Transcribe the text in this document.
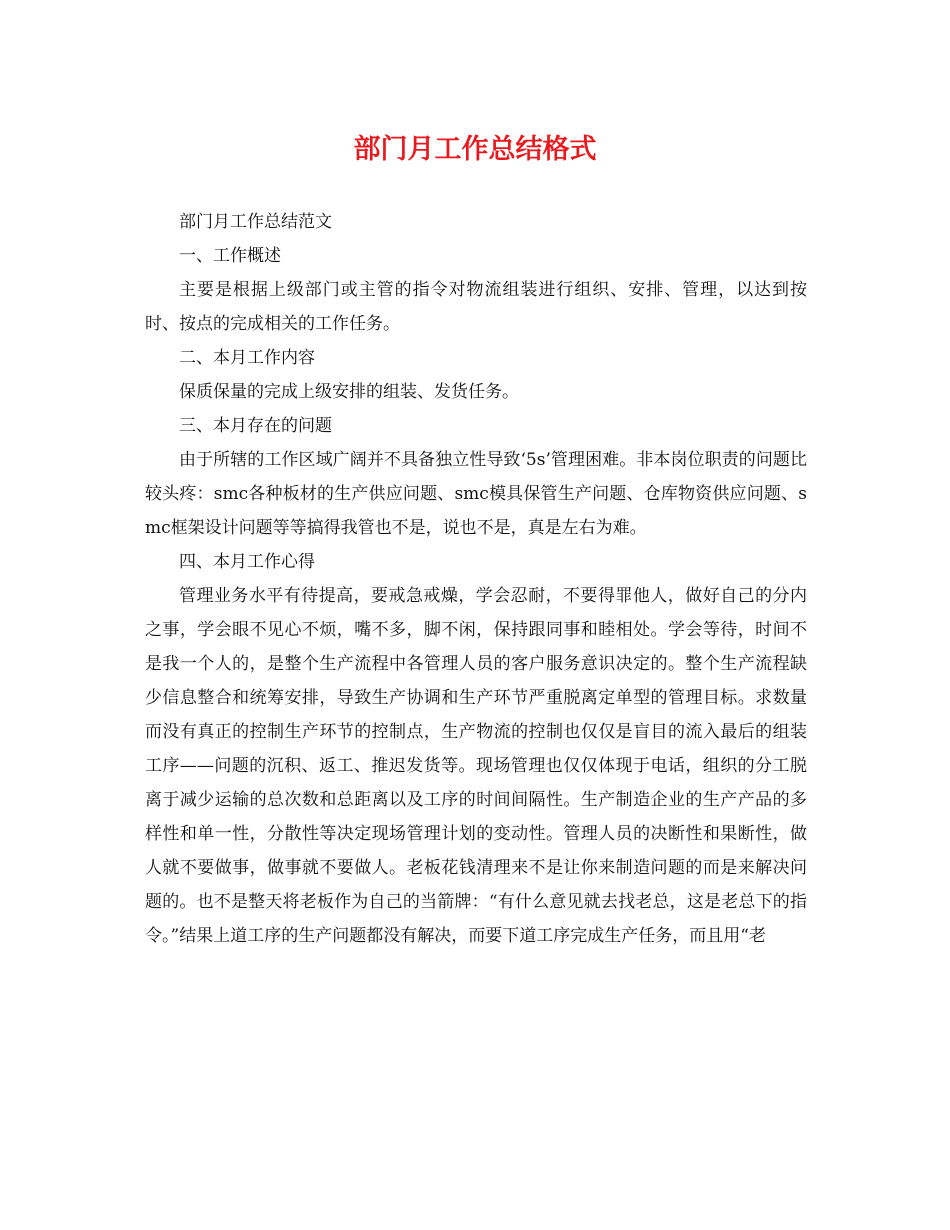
部门月工作总结格式

部门月工作总结范文

一、工作概述

主要是根据上级部门或主管的指令对物流组装进行组织、安排、管理，以达到按时、按点的完成相关的工作任务。

二、本月工作内容

保质保量的完成上级安排的组装、发货任务。

三、本月存在的问题

由于所辖的工作区域广阔并不具备独立性导致‘5s’管理困难。非本岗位职责的问题比较头疼：smc各种板材的生产供应问题、smc模具保管生产问题、仓库物资供应问题、smc框架设计问题等等搞得我管也不是，说也不是，真是左右为难。

四、本月工作心得

管理业务水平有待提高，要戒急戒燥，学会忍耐，不要得罪他人，做好自己的分内之事，学会眼不见心不烦，嘴不多，脚不闲，保持跟同事和睦相处。学会等待，时间不是我一个人的，是整个生产流程中各管理人员的客户服务意识决定的。整个生产流程缺少信息整合和统筹安排，导致生产协调和生产环节严重脱离定单型的管理目标。求数量而没有真正的控制生产环节的控制点，生产物流的控制也仅仅是盲目的流入最后的组装工序——问题的沉积、返工、推迟发货等。现场管理也仅仅体现于电话，组织的分工脱离于减少运输的总次数和总距离以及工序的时间间隔性。生产制造企业的生产产品的多样性和单一性，分散性等决定现场管理计划的变动性。管理人员的决断性和果断性，做人就不要做事，做事就不要做人。老板花钱清理来不是让你来制造问题的而是来解决问题的。也不是整天将老板作为自己的当箭牌：“有什么意见就去找老总，这是老总下的指令。”结果上道工序的生产问题都没有解决，而要下道工序完成生产任务，而且用“老
